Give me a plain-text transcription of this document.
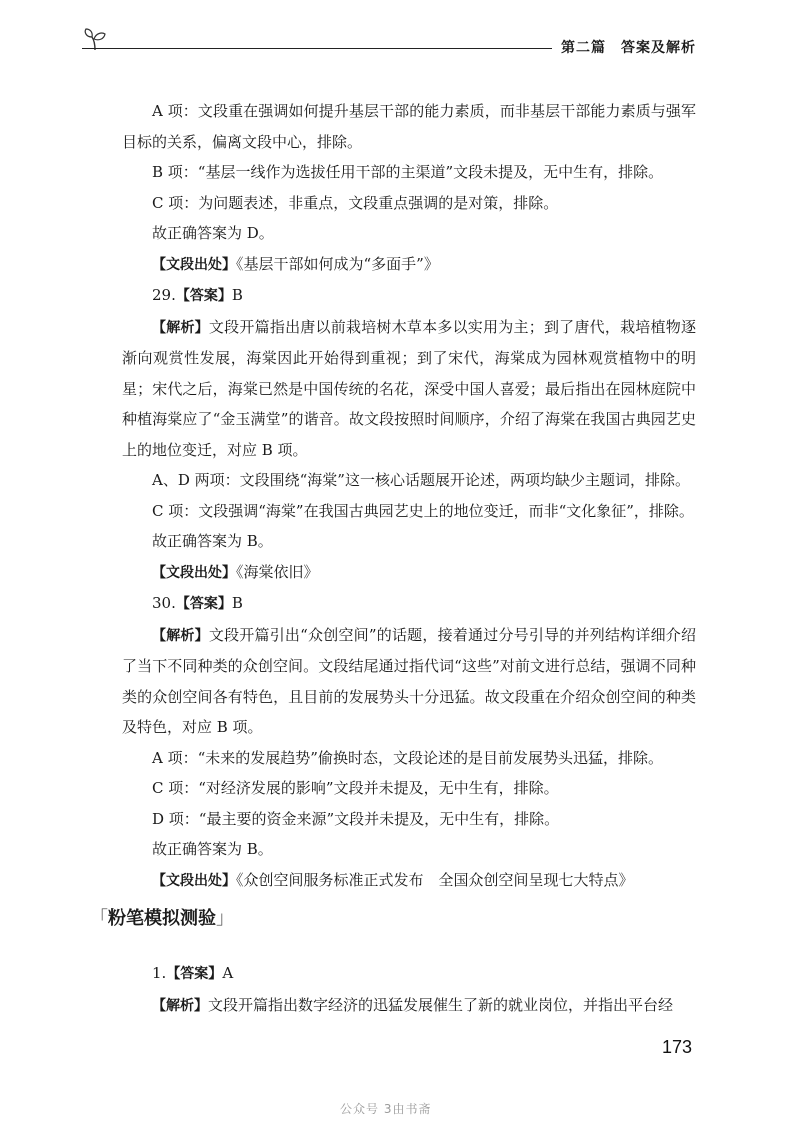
第二篇　答案及解析

A 项：文段重在强调如何提升基层干部的能力素质，而非基层干部能力素质与强军目标的关系，偏离文段中心，排除。

B 项：“基层一线作为选拔任用干部的主渠道”文段未提及，无中生有，排除。

C 项：为问题表述，非重点，文段重点强调的是对策，排除。

故正确答案为 D。

【文段出处】《基层干部如何成为“多面手”》

29.【答案】B

【解析】文段开篇指出唐以前栽培树木草本多以实用为主；到了唐代，栽培植物逐渐向观赏性发展，海棠因此开始得到重视；到了宋代，海棠成为园林观赏植物中的明星；宋代之后，海棠已然是中国传统的名花，深受中国人喜爱；最后指出在园林庭院中种植海棠应了“金玉满堂”的谐音。故文段按照时间顺序，介绍了海棠在我国古典园艺史上的地位变迁，对应 B 项。

A、D 两项：文段围绕“海棠”这一核心话题展开论述，两项均缺少主题词，排除。

C 项：文段强调“海棠”在我国古典园艺史上的地位变迁，而非“文化象征”，排除。

故正确答案为 B。

【文段出处】《海棠依旧》

30.【答案】B

【解析】文段开篇引出“众创空间”的话题，接着通过分号引导的并列结构详细介绍了当下不同种类的众创空间。文段结尾通过指代词“这些”对前文进行总结，强调不同种类的众创空间各有特色，且目前的发展势头十分迅猛。故文段重在介绍众创空间的种类及特色，对应 B 项。

A 项：“未来的发展趋势”偷换时态，文段论述的是目前发展势头迅猛，排除。

C 项：“对经济发展的影响”文段并未提及，无中生有，排除。

D 项：“最主要的资金来源”文段并未提及，无中生有，排除。

故正确答案为 B。

【文段出处】《众创空间服务标准正式发布　全国众创空间呈现七大特点》

「粉笔模拟测验」

1.【答案】A

【解析】文段开篇指出数字经济的迅猛发展催生了新的就业岗位，并指出平台经

173
公众号 3由书斋
